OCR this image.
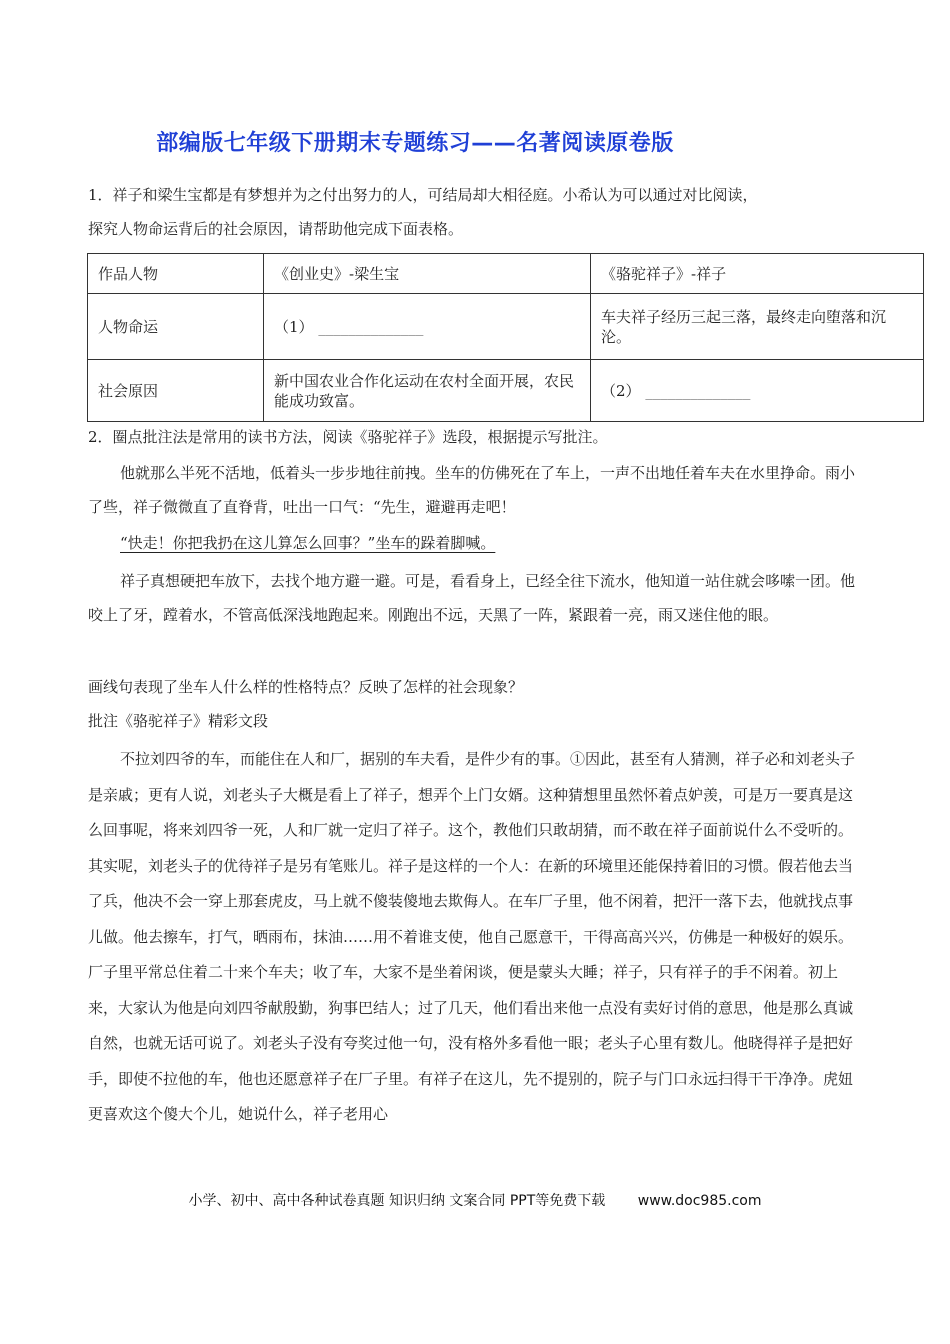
部编版七年级下册期末专题练习——名著阅读原卷版
1．祥子和梁生宝都是有梦想并为之付出努力的人，可结局却大相径庭。小希认为可以通过对比阅读，
探究人物命运背后的社会原因，请帮助他完成下面表格。
作品人物	《创业史》-梁生宝	《骆驼祥子》-祥子
人物命运	（1） ______________	车夫祥子经历三起三落，最终走向堕落和沉沦。
社会原因	新中国农业合作化运动在农村全面开展，农民能成功致富。	（2） ______________
2．圈点批注法是常用的读书方法，阅读《骆驼祥子》选段，根据提示写批注。
他就那么半死不活地，低着头一步步地往前拽。坐车的仿佛死在了车上，一声不出地任着车夫在水里挣命。雨小了些，祥子微微直了直脊背，吐出一口气：“先生，避避再走吧！
“快走！你把我扔在这儿算怎么回事？”坐车的跺着脚喊。
祥子真想硬把车放下，去找个地方避一避。可是，看看身上，已经全往下流水，他知道一站住就会哆嗦一团。他咬上了牙，蹚着水，不管高低深浅地跑起来。刚跑出不远，天黑了一阵，紧跟着一亮，雨又迷住他的眼。
画线句表现了坐车人什么样的性格特点？反映了怎样的社会现象？
批注《骆驼祥子》精彩文段
不拉刘四爷的车，而能住在人和厂，据别的车夫看，是件少有的事。①因此，甚至有人猜测，祥子必和刘老头子是亲戚；更有人说，刘老头子大概是看上了祥子，想弄个上门女婿。这种猜想里虽然怀着点妒羡，可是万一要真是这么回事呢，将来刘四爷一死，人和厂就一定归了祥子。这个，教他们只敢胡猜，而不敢在祥子面前说什么不受听的。其实呢，刘老头子的优待祥子是另有笔账儿。祥子是这样的一个人：在新的环境里还能保持着旧的习惯。假若他去当了兵，他决不会一穿上那套虎皮，马上就不傻装傻地去欺侮人。在车厂子里，他不闲着，把汗一落下去，他就找点事儿做。他去擦车，打气，晒雨布，抹油……用不着谁支使，他自己愿意干，干得高高兴兴，仿佛是一种极好的娱乐。厂子里平常总住着二十来个车夫；收了车，大家不是坐着闲谈，便是蒙头大睡；祥子，只有祥子的手不闲着。初上来，大家认为他是向刘四爷献殷勤，狗事巴结人；过了几天，他们看出来他一点没有卖好讨俏的意思，他是那么真诚自然，也就无话可说了。刘老头子没有夸奖过他一句，没有格外多看他一眼；老头子心里有数儿。他晓得祥子是把好手，即使不拉他的车，他也还愿意祥子在厂子里。有祥子在这儿，先不提别的，院子与门口永远扫得干干净净。虎妞更喜欢这个傻大个儿，她说什么，祥子老用心
小学、初中、高中各种试卷真题 知识归纳 文案合同 PPT等免费下载 www.doc985.com
